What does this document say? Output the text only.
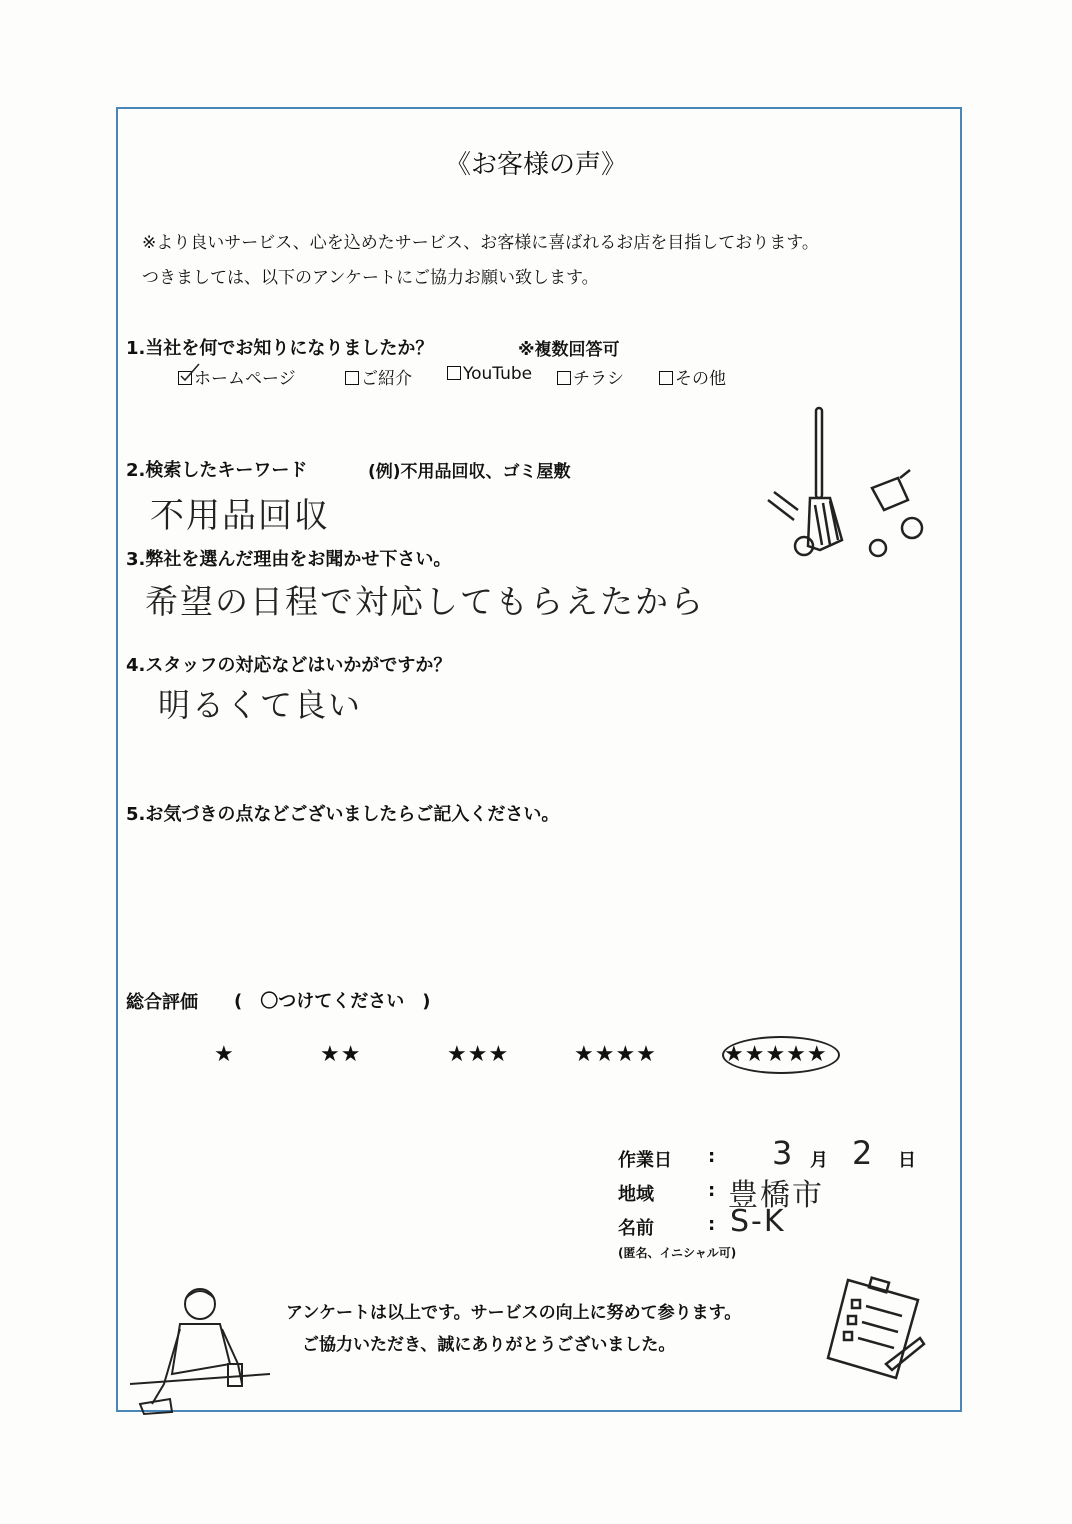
《お客様の声》
※より良いサービス、心を込めたサービス、お客様に喜ばれるお店を目指しております。
つきましては、以下のアンケートにご協力お願い致します。
1.当社を何でお知りになりましたか？	※複数回答可
ホームページ	ご紹介	YouTube	チラシ	その他
2.検索したキーワード	(例)不用品回収、ゴミ屋敷
不用品回収
3.弊社を選んだ理由をお聞かせ下さい。
希望の日程で対応してもらえたから
4.スタッフの対応などはいかがですか？
明るくて良い
5.お気づきの点などございましたらご記入ください。
総合評価 (　〇つけてください　)
★	★★	★★★	★★★★	★★★★★
作業日 : 3 月 2 日
地域	: 豊橋市
名前	: S-K
(匿名、イニシャル可)
アンケートは以上です。サービスの向上に努めて参ります。
ご協力いただき、誠にありがとうございました。
